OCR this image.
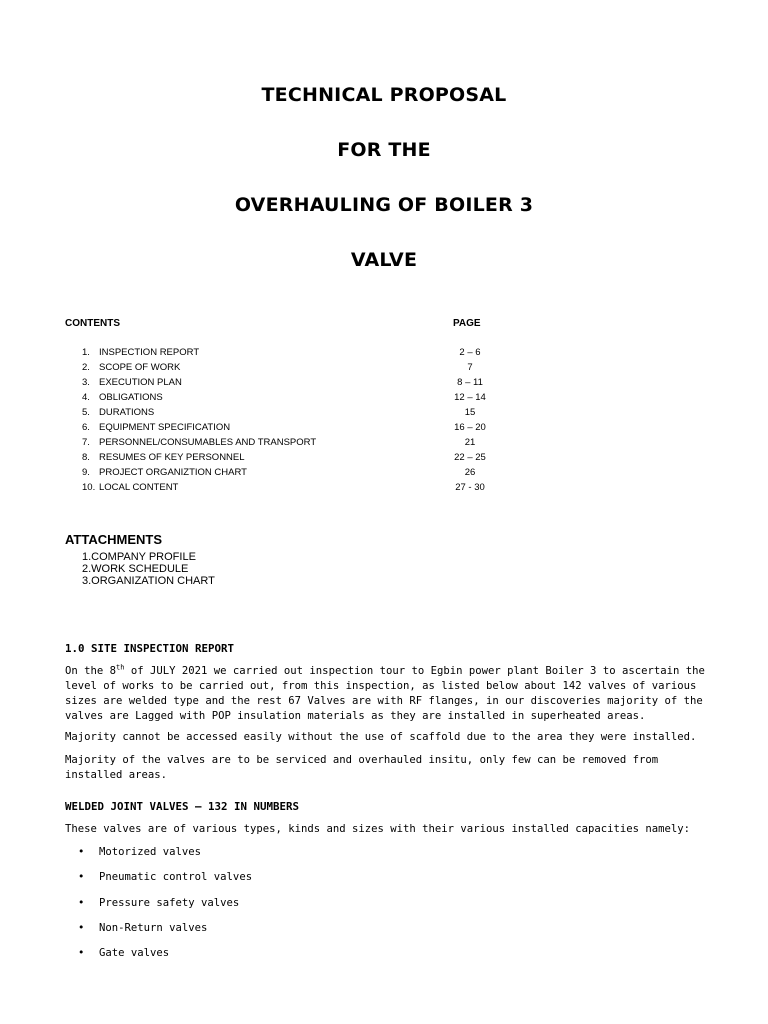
TECHNICAL PROPOSAL
FOR THE
OVERHAULING OF BOILER 3
VALVE
CONTENTS	PAGE
1. INSPECTION REPORT	2 – 6
2. SCOPE OF WORK	7
3. EXECUTION PLAN	8 – 11
4. OBLIGATIONS	12 – 14
5. DURATIONS	15
6. EQUIPMENT SPECIFICATION	16 – 20
7. PERSONNEL/CONSUMABLES AND TRANSPORT	21
8. RESUMES OF KEY PERSONNEL	22 – 25
9. PROJECT ORGANIZTION CHART	26
10. LOCAL CONTENT	27 - 30
ATTACHMENTS
1.COMPANY PROFILE
2.WORK SCHEDULE
3.ORGANIZATION CHART
1.0 SITE INSPECTION REPORT

On the 8th of JULY 2021 we carried out inspection tour to Egbin power plant Boiler 3 to ascertain the level of works to be carried out, from this inspection, as listed below about 142 valves of various sizes are welded type and the rest 67 Valves are with RF flanges, in our discoveries majority of the valves are Lagged with POP insulation materials as they are installed in superheated areas.

Majority cannot be accessed easily without the use of scaffold due to the area they were installed.
Majority of the valves are to be serviced and overhauled insitu, only few can be removed from installed areas.
WELDED JOINT VALVES – 132 IN NUMBERS
These valves are of various types, kinds and sizes with their various installed capacities namely:
• Motorized valves
• Pneumatic control valves
• Pressure safety valves
• Non-Return valves
• Gate valves
